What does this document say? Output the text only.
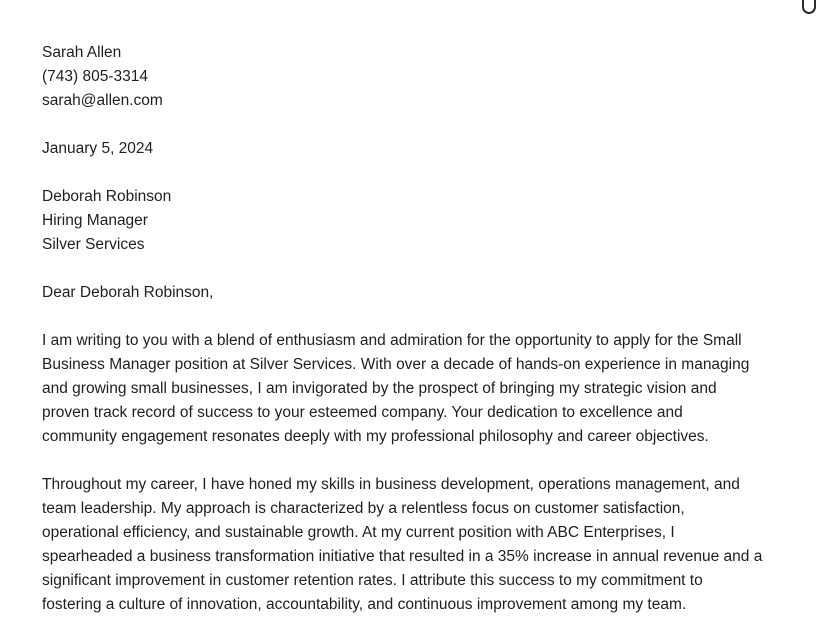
Sarah Allen
(743) 805-3314
sarah@allen.com
January 5, 2024
Deborah Robinson
Hiring Manager
Silver Services
Dear Deborah Robinson,
I am writing to you with a blend of enthusiasm and admiration for the opportunity to apply for the Small
Business Manager position at Silver Services. With over a decade of hands-on experience in managing
and growing small businesses, I am invigorated by the prospect of bringing my strategic vision and
proven track record of success to your esteemed company. Your dedication to excellence and
community engagement resonates deeply with my professional philosophy and career objectives.
Throughout my career, I have honed my skills in business development, operations management, and
team leadership. My approach is characterized by a relentless focus on customer satisfaction,
operational efficiency, and sustainable growth. At my current position with ABC Enterprises, I
spearheaded a business transformation initiative that resulted in a 35% increase in annual revenue and a
significant improvement in customer retention rates. I attribute this success to my commitment to
fostering a culture of innovation, accountability, and continuous improvement among my team.
